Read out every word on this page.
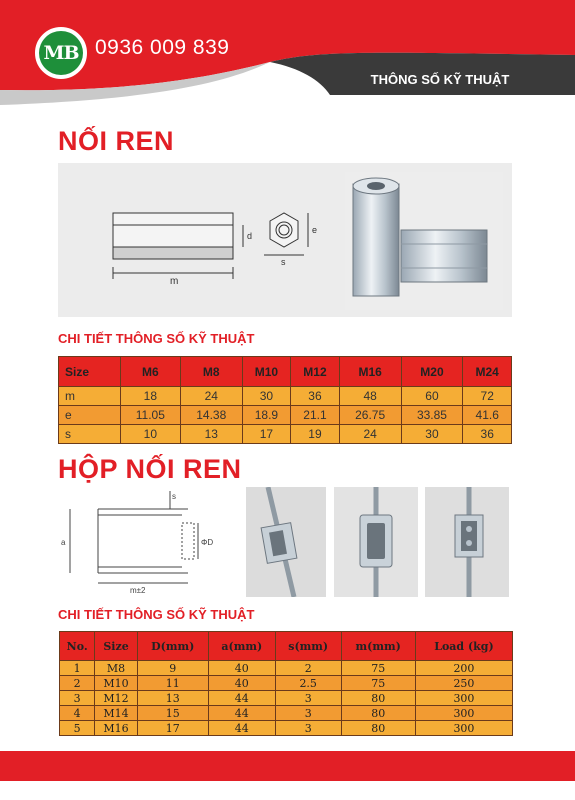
MB 0936 009 839
THÔNG SỐ KỸ THUẬT
NỐI REN
m
d
s
e
CHI TIẾT THÔNG SỐ KỸ THUẬT
Size	M6	M8	M10	M12	M16	M20	M24
m	18	24	30	36	48	60	72
e	11.05	14.38	18.9	21.1	26.75	33.85	41.6
s	10	13	17	19	24	30	36
HỘP NỐI REN
a
m±2
s
ΦD
CHI TIẾT THÔNG SỐ KỸ THUẬT
No.	Size	D(mm)	a(mm)	s(mm)	m(mm)	Load (kg)
1	M8	9	40	2	75	200
2	M10	11	40	2.5	75	250
3	M12	13	44	3	80	300
4	M14	15	44	3	80	300
5	M16	17	44	3	80	300
